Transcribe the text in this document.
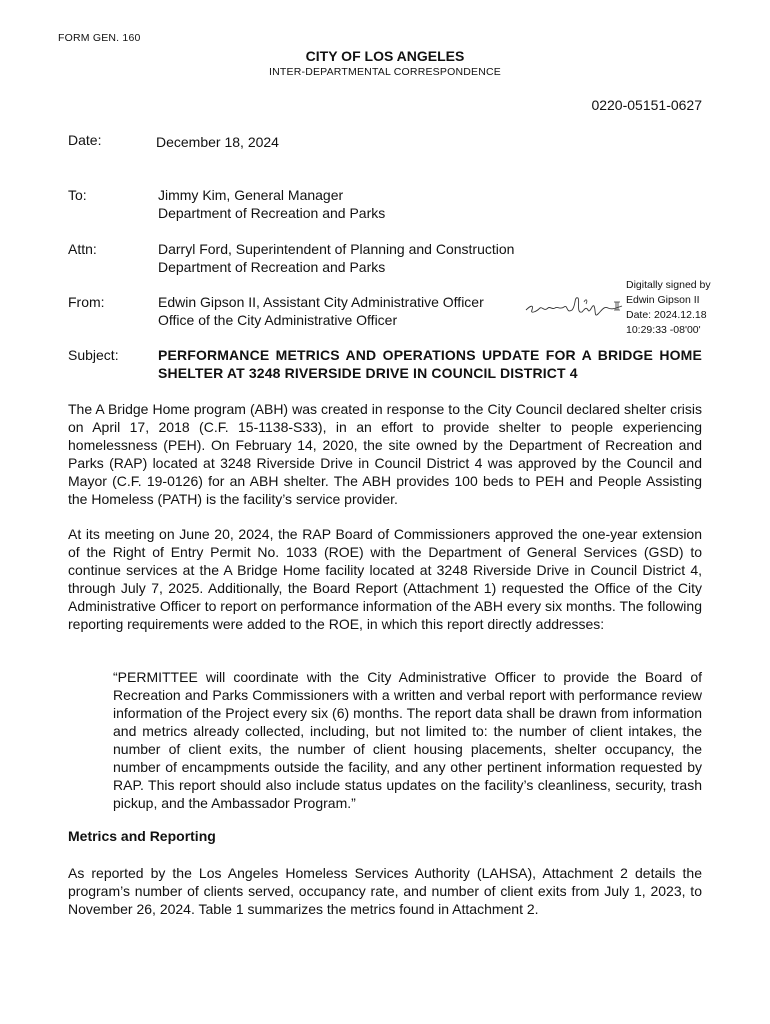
FORM GEN. 160
CITY OF LOS ANGELES
INTER-DEPARTMENTAL CORRESPONDENCE
0220-05151-0627
Date:	December 18, 2024
To:	Jimmy Kim, General Manager
Department of Recreation and Parks
Attn:	Darryl Ford, Superintendent of Planning and Construction
Department of Recreation and Parks
From:	Edwin Gipson II, Assistant City Administrative Officer
Office of the City Administrative Officer
Digitally signed by
Edwin Gipson II
Date: 2024.12.18
10:29:33 -08'00'
Subject:	PERFORMANCE METRICS AND OPERATIONS UPDATE FOR A BRIDGE HOME SHELTER AT 3248 RIVERSIDE DRIVE IN COUNCIL DISTRICT 4

The A Bridge Home program (ABH) was created in response to the City Council declared shelter crisis on April 17, 2018 (C.F. 15-1138-S33), in an effort to provide shelter to people experiencing homelessness (PEH). On February 14, 2020, the site owned by the Department of Recreation and Parks (RAP) located at 3248 Riverside Drive in Council District 4 was approved by the Council and Mayor (C.F. 19-0126) for an ABH shelter. The ABH provides 100 beds to PEH and People Assisting the Homeless (PATH) is the facility’s service provider.

At its meeting on June 20, 2024, the RAP Board of Commissioners approved the one-year extension of the Right of Entry Permit No. 1033 (ROE) with the Department of General Services (GSD) to continue services at the A Bridge Home facility located at 3248 Riverside Drive in Council District 4, through July 7, 2025. Additionally, the Board Report (Attachment 1) requested the Office of the City Administrative Officer to report on performance information of the ABH every six months. The following reporting requirements were added to the ROE, in which this report directly addresses:

“PERMITTEE will coordinate with the City Administrative Officer to provide the Board of Recreation and Parks Commissioners with a written and verbal report with performance review information of the Project every six (6) months. The report data shall be drawn from information and metrics already collected, including, but not limited to: the number of client intakes, the number of client exits, the number of client housing placements, shelter occupancy, the number of encampments outside the facility, and any other pertinent information requested by RAP. This report should also include status updates on the facility’s cleanliness, security, trash pickup, and the Ambassador Program.”

Metrics and Reporting

As reported by the Los Angeles Homeless Services Authority (LAHSA), Attachment 2 details the program’s number of clients served, occupancy rate, and number of client exits from July 1, 2023, to November 26, 2024. Table 1 summarizes the metrics found in Attachment 2.
